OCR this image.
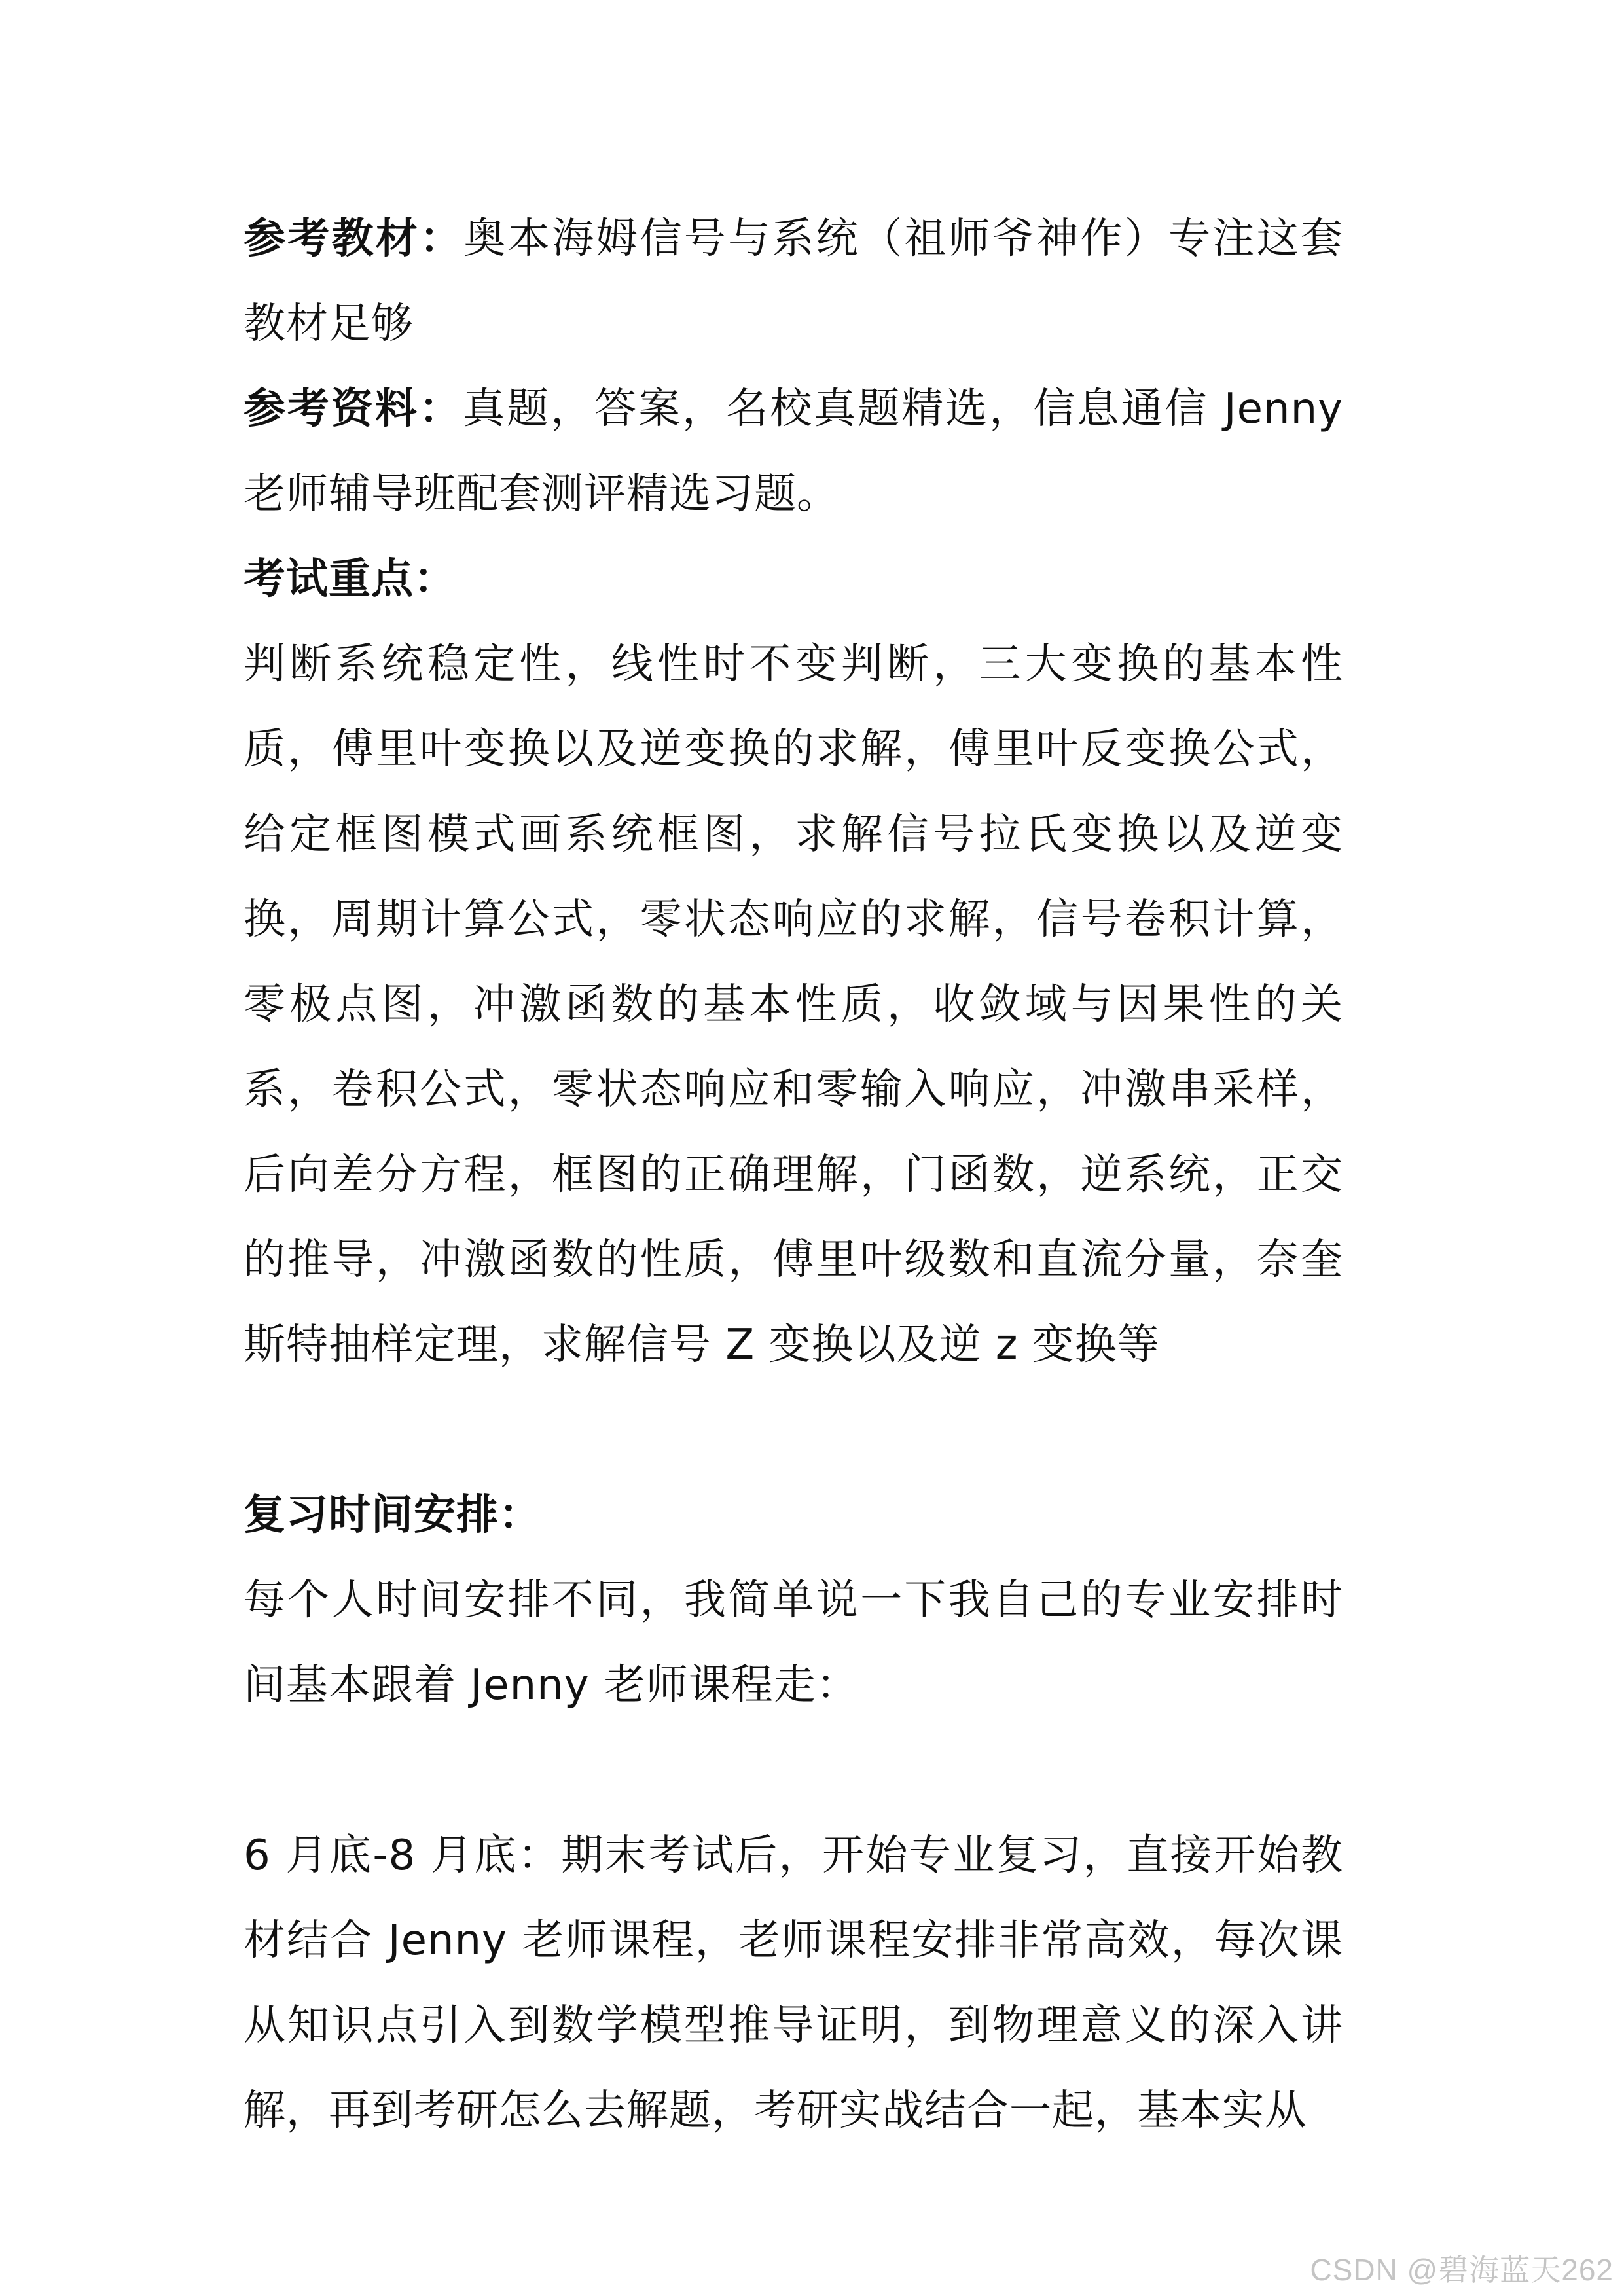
参考教材：奥本海姆信号与系统（祖师爷神作）专注这套教材足够

参考资料：真题，答案，名校真题精选，信息通信 Jenny 老师辅导班配套测评精选习题。

考试重点：

判断系统稳定性，线性时不变判断，三大变换的基本性质，傅里叶变换以及逆变换的求解，傅里叶反变换公式，给定框图模式画系统框图，求解信号拉氏变换以及逆变换，周期计算公式，零状态响应的求解，信号卷积计算，零极点图，冲激函数的基本性质，收敛域与因果性的关系，卷积公式，零状态响应和零输入响应，冲激串采样，后向差分方程，框图的正确理解，门函数，逆系统，正交的推导，冲激函数的性质，傅里叶级数和直流分量，奈奎斯特抽样定理，求解信号 Z 变换以及逆 z 变换等

复习时间安排：

每个人时间安排不同，我简单说一下我自己的专业安排时间基本跟着 Jenny 老师课程走：

6 月底-8 月底：期末考试后，开始专业复习，直接开始教材结合 Jenny 老师课程，老师课程安排非常高效，每次课从知识点引入到数学模型推导证明，到物理意义的深入讲解，再到考研怎么去解题，考研实战结合一起，基本实从

CSDN @碧海蓝天262
